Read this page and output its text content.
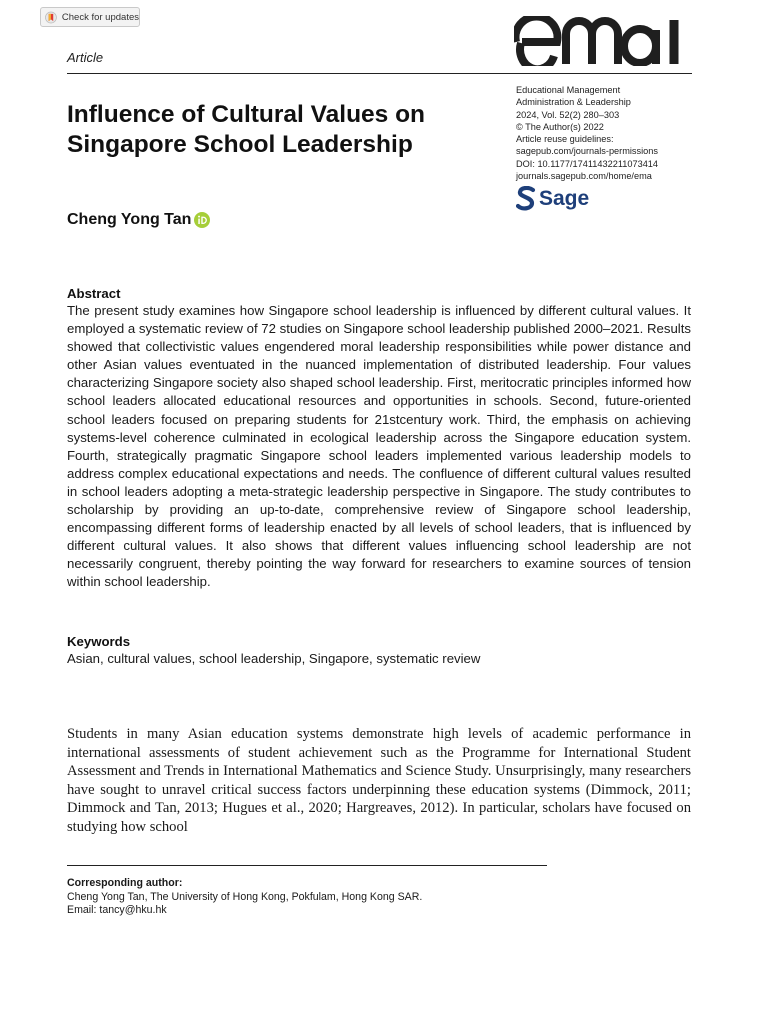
Check for updates
Article
Educational Management
Administration & Leadership
2024, Vol. 52(2) 280–303
© The Author(s) 2022
Article reuse guidelines:
sagepub.com/journals-permissions
DOI: 10.1177/17411432211073414
journals.sagepub.com/home/ema
Sage
Influence of Cultural Values on Singapore School Leadership
Cheng Yong Tan
Abstract

The present study examines how Singapore school leadership is influenced by different cultural values. It employed a systematic review of 72 studies on Singapore school leadership published 2000–2021. Results showed that collectivistic values engendered moral leadership responsibilities while power distance and other Asian values eventuated in the nuanced implementation of distributed leadership. Four values characterizing Singapore society also shaped school leadership. First, meritocratic principles informed how school leaders allocated educational resources and opportunities in schools. Second, future-oriented school leaders focused on preparing students for 21stcentury work. Third, the emphasis on achieving systems-level coherence culminated in ecological leadership across the Singapore education system. Fourth, strategically pragmatic Singapore school leaders implemented various leadership models to address complex educational expectations and needs. The confluence of different cultural values resulted in school leaders adopting a meta-strategic leadership perspective in Singapore. The study contributes to scholarship by providing an up-to-date, comprehensive review of Singapore school leadership, encompassing different forms of leadership enacted by all levels of school leaders, that is influenced by different cultural values. It also shows that different values influencing school leadership are not necessarily congruent, thereby pointing the way forward for researchers to examine sources of tension within school leadership.

Keywords
Asian, cultural values, school leadership, Singapore, systematic review

Students in many Asian education systems demonstrate high levels of academic performance in international assessments of student achievement such as the Programme for International Student Assessment and Trends in International Mathematics and Science Study. Unsurprisingly, many researchers have sought to unravel critical success factors underpinning these education systems (Dimmock, 2011; Dimmock and Tan, 2013; Hugues et al., 2020; Hargreaves, 2012). In particular, scholars have focused on studying how school

Corresponding author:
Cheng Yong Tan, The University of Hong Kong, Pokfulam, Hong Kong SAR.
Email: tancy@hku.hk
